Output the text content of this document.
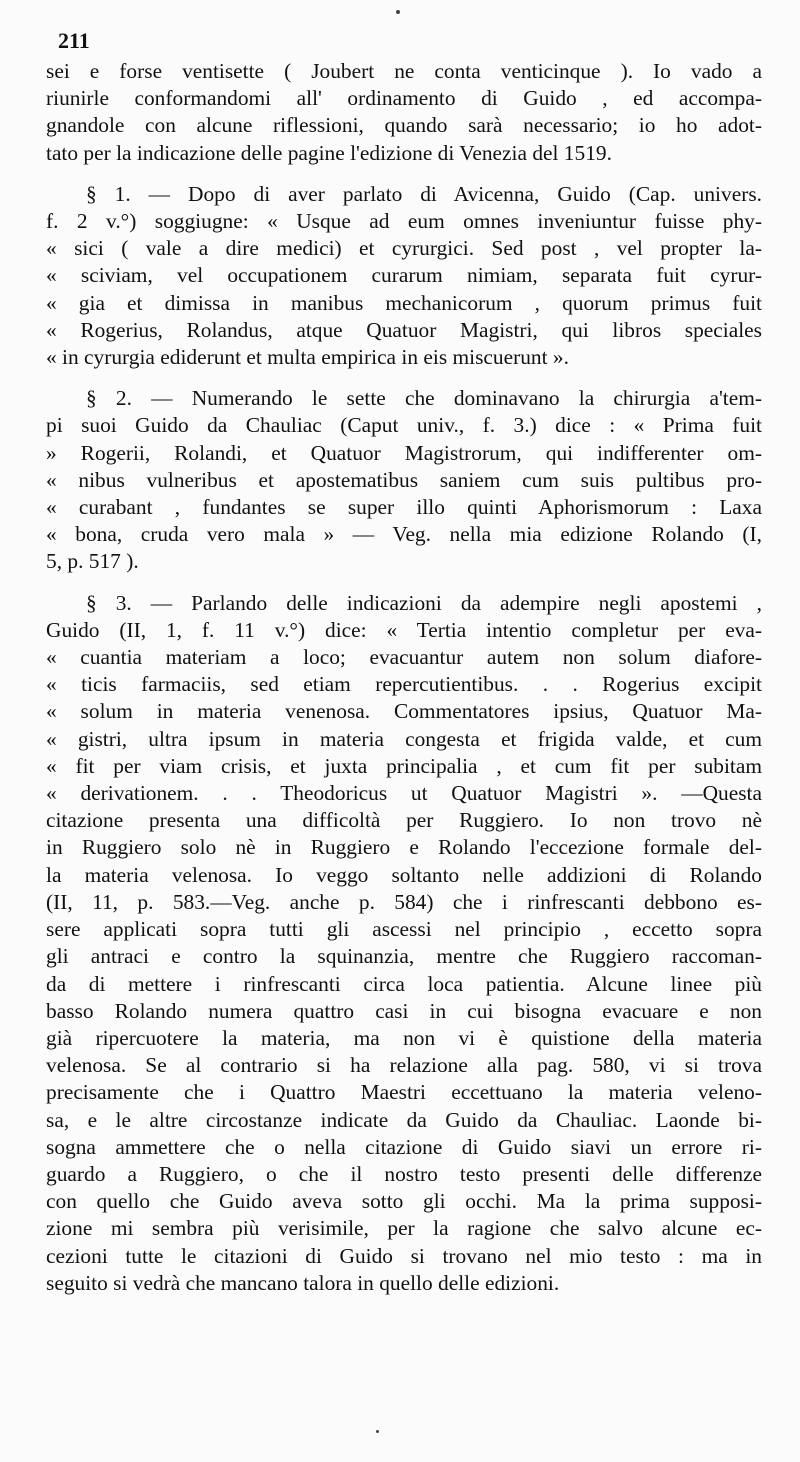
211
sei e forse ventisette ( Joubert ne conta venticinque ). Io vado a
riunirle conformandomi all' ordinamento di Guido , ed accompa-
gnandole con alcune riflessioni, quando sarà necessario; io ho adot-
tato per la indicazione delle pagine l'edizione di Venezia del 1519.
§ 1. — Dopo di aver parlato di Avicenna, Guido (Cap. univers.
f. 2 v.°) soggiugne: « Usque ad eum omnes inveniuntur fuisse phy-
« sici ( vale a dire medici) et cyrurgici. Sed post , vel propter la-
« sciviam, vel occupationem curarum nimiam, separata fuit cyrur-
« gia et dimissa in manibus mechanicorum , quorum primus fuit
« Rogerius, Rolandus, atque Quatuor Magistri, qui libros speciales
« in cyrurgia ediderunt et multa empirica in eis miscuerunt ».
§ 2. — Numerando le sette che dominavano la chirurgia a'tem-
pi suoi Guido da Chauliac (Caput univ., f. 3.) dice : « Prima fuit
» Rogerii, Rolandi, et Quatuor Magistrorum, qui indifferenter om-
« nibus vulneribus et apostematibus saniem cum suis pultibus pro-
« curabant , fundantes se super illo quinti Aphorismorum : Laxa
« bona, cruda vero mala » — Veg. nella mia edizione Rolando (I,
5, p. 517 ).
§ 3. — Parlando delle indicazioni da adempire negli apostemi ,
Guido (II, 1, f. 11 v.°) dice: « Tertia intentio completur per eva-
« cuantia materiam a loco; evacuantur autem non solum diafore-
« ticis farmaciis, sed etiam repercutientibus. . . Rogerius excipit
« solum in materia venenosa. Commentatores ipsius, Quatuor Ma-
« gistri, ultra ipsum in materia congesta et frigida valde, et cum
« fit per viam crisis, et juxta principalia , et cum fit per subitam
« derivationem. . . Theodoricus ut Quatuor Magistri ». —Questa
citazione presenta una difficoltà per Ruggiero. Io non trovo nè
in Ruggiero solo nè in Ruggiero e Rolando l'eccezione formale del-
la materia velenosa. Io veggo soltanto nelle addizioni di Rolando
(II, 11, p. 583.—Veg. anche p. 584) che i rinfrescanti debbono es-
sere applicati sopra tutti gli ascessi nel principio , eccetto sopra
gli antraci e contro la squinanzia, mentre che Ruggiero raccoman-
da di mettere i rinfrescanti circa loca patientia. Alcune linee più
basso Rolando numera quattro casi in cui bisogna evacuare e non
già ripercuotere la materia, ma non vi è quistione della materia
velenosa. Se al contrario si ha relazione alla pag. 580, vi si trova
precisamente che i Quattro Maestri eccettuano la materia veleno-
sa, e le altre circostanze indicate da Guido da Chauliac. Laonde bi-
sogna ammettere che o nella citazione di Guido siavi un errore ri-
guardo a Ruggiero, o che il nostro testo presenti delle differenze
con quello che Guido aveva sotto gli occhi. Ma la prima supposi-
zione mi sembra più verisimile, per la ragione che salvo alcune ec-
cezioni tutte le citazioni di Guido si trovano nel mio testo : ma in
seguito si vedrà che mancano talora in quello delle edizioni.
